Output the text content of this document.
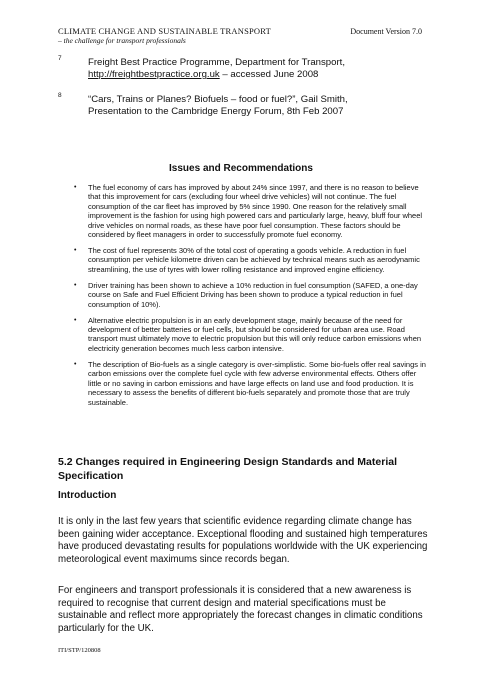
CLIMATE CHANGE AND SUSTAINABLE TRANSPORT
– the challenge for transport professionals
Document Version 7.0
7	Freight Best Practice Programme, Department for Transport,
http://freightbestpractice.org.uk – accessed June 2008
8	“Cars, Trains or Planes? Biofuels – food or fuel?”, Gail Smith,
Presentation to the Cambridge Energy Forum, 8th Feb 2007
Issues and Recommendations
• The fuel economy of cars has improved by about 24% since 1997, and there is no reason to believe that this improvement for cars (excluding four wheel drive vehicles) will not continue. The fuel consumption of the car fleet has improved by 5% since 1990. One reason for the relatively small improvement is the fashion for using high powered cars and particularly large, heavy, bluff four wheel drive vehicles on normal roads, as these have poor fuel consumption. These factors should be considered by fleet managers in order to successfully promote fuel economy.
• The cost of fuel represents 30% of the total cost of operating a goods vehicle. A reduction in fuel consumption per vehicle kilometre driven can be achieved by technical means such as aerodynamic streamlining, the use of tyres with lower rolling resistance and improved engine efficiency.
• Driver training has been shown to achieve a 10% reduction in fuel consumption (SAFED, a one-day course on Safe and Fuel Efficient Driving has been shown to produce a typical reduction in fuel consumption of 10%).
• Alternative electric propulsion is in an early development stage, mainly because of the need for development of better batteries or fuel cells, but should be considered for urban area use. Road transport must ultimately move to electric propulsion but this will only reduce carbon emissions when electricity generation becomes much less carbon intensive.
• The description of Bio-fuels as a single category is over-simplistic. Some bio-fuels offer real savings in carbon emissions over the complete fuel cycle with few adverse environmental effects. Others offer little or no saving in carbon emissions and have large effects on land use and food production. It is necessary to assess the benefits of different bio-fuels separately and promote those that are truly sustainable.
5.2 Changes required in Engineering Design Standards and Material Specification
Introduction
It is only in the last few years that scientific evidence regarding climate change has been gaining wider acceptance. Exceptional flooding and sustained high temperatures have produced devastating results for populations worldwide with the UK experiencing meteorological event maximums since records began.
For engineers and transport professionals it is considered that a new awareness is required to recognise that current design and material specifications must be sustainable and reflect more appropriately the forecast changes in climatic conditions particularly for the UK.
ITI/STP/120808
